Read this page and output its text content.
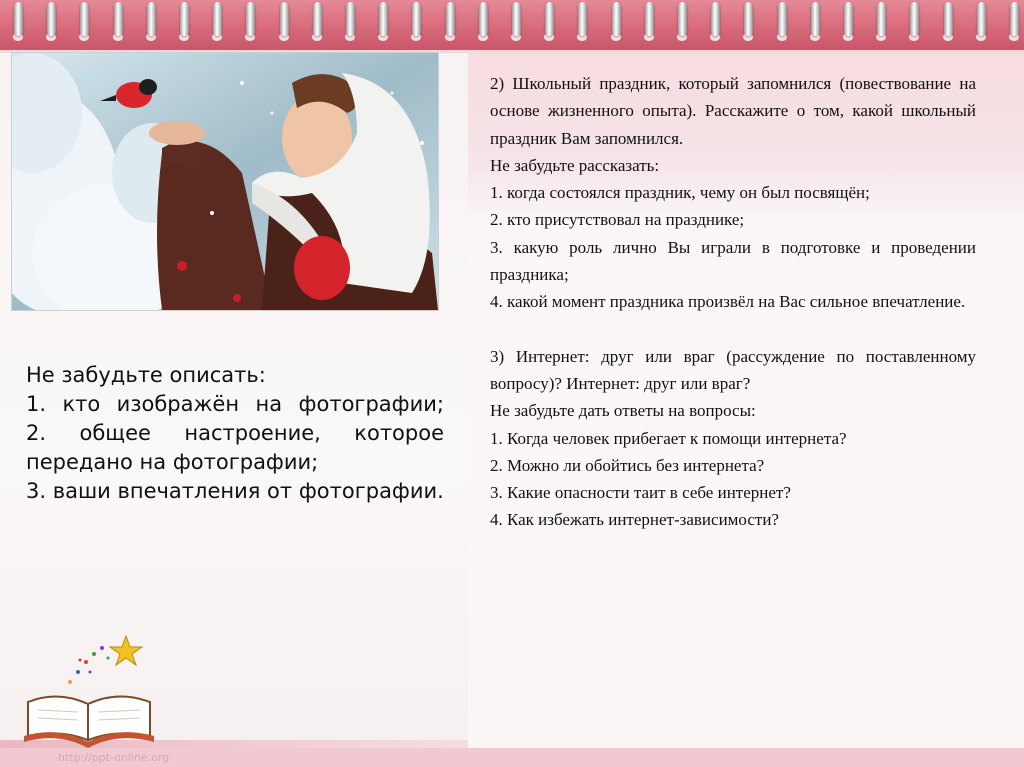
Не забудьте описать:

1. кто изображён на фотографии;

2. общее настроение, которое передано на фотографии;

3. ваши впечатления от фотографии.

2) Школьный праздник, который запомнился (повествование на основе жизненного опыта). Расскажите о том, какой школьный праздник Вам запомнился.

Не забудьте рассказать:

1. когда состоялся праздник, чему он был посвящён;

2. кто присутствовал на празднике;

3. какую роль лично Вы играли в подготовке и проведении праздника;

4. какой момент праздника произвёл на Вас сильное впечатление.

3) Интернет: друг или враг (рассуждение по поставленному вопросу)? Интернет: друг или враг?

Не забудьте дать ответы на вопросы:

1. Когда человек прибегает к помощи интернета?

2. Можно ли обойтись без интернета?

3. Какие опасности таит в себе интернет?

4. Как избежать интернет-зависимости?

http://ppt-online.org
